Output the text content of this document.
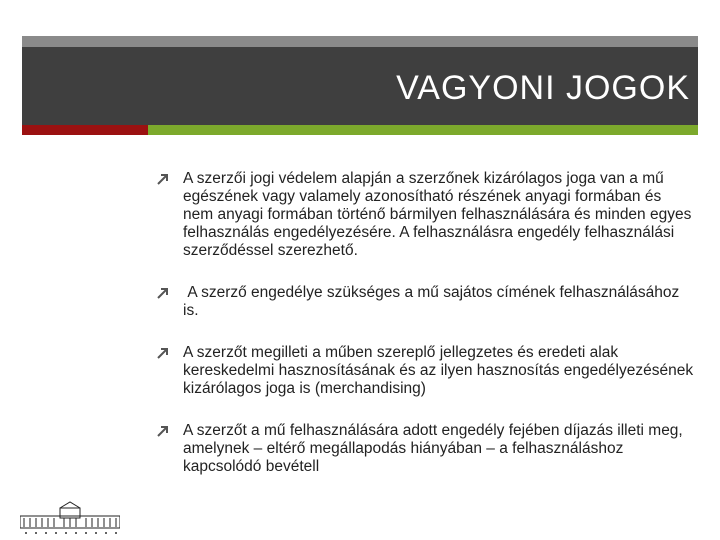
VAGYONI JOGOK
A szerzői jogi védelem alapján a szerzőnek kizárólagos joga van a mű egészének vagy valamely azonosítható részének anyagi formában és nem anyagi formában történő bármilyen felhasználására és minden egyes felhasználás engedélyezésére. A felhasználásra engedély felhasználási szerződéssel szerezhető.
A szerző engedélye szükséges a mű sajátos címének felhasználásához is.
A szerzőt megilleti a műben szereplő jellegzetes és eredeti alak kereskedelmi hasznosításának és az ilyen hasznosítás engedélyezésének kizárólagos joga is (merchandising)
A szerzőt a mű felhasználására adott engedély fejében díjazás illeti meg, amelynek – eltérő megállapodás hiányában – a felhasználáshoz kapcsolódó bevétell
